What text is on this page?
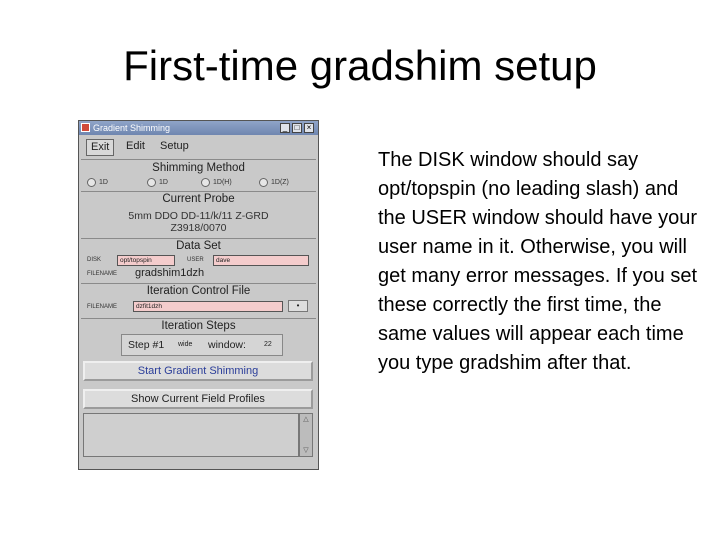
First-time gradshim setup
Gradient Shimming	_ □ ×
Exit	Edit	Setup
Shimming Method
1D	1D	1D(H)	1D(Z)
Current Probe
5mm DDO DD-11/k/11 Z-GRD
Z3918/0070
Data Set
DISK	opt/topspin	USER	dave
FILENAME gradshim1dzh
Iteration Control File
FILENAME	dzfit1dzh	•
Iteration Steps
Step #1 wide window:	22
Start Gradient Shimming
Show Current Field Profiles
△
▽
The DISK window should say opt/topspin (no leading slash) and the USER window should have your user name in it. Otherwise, you will get many error messages. If you set these correctly the first time, the same values will appear each time you type gradshim after that.
